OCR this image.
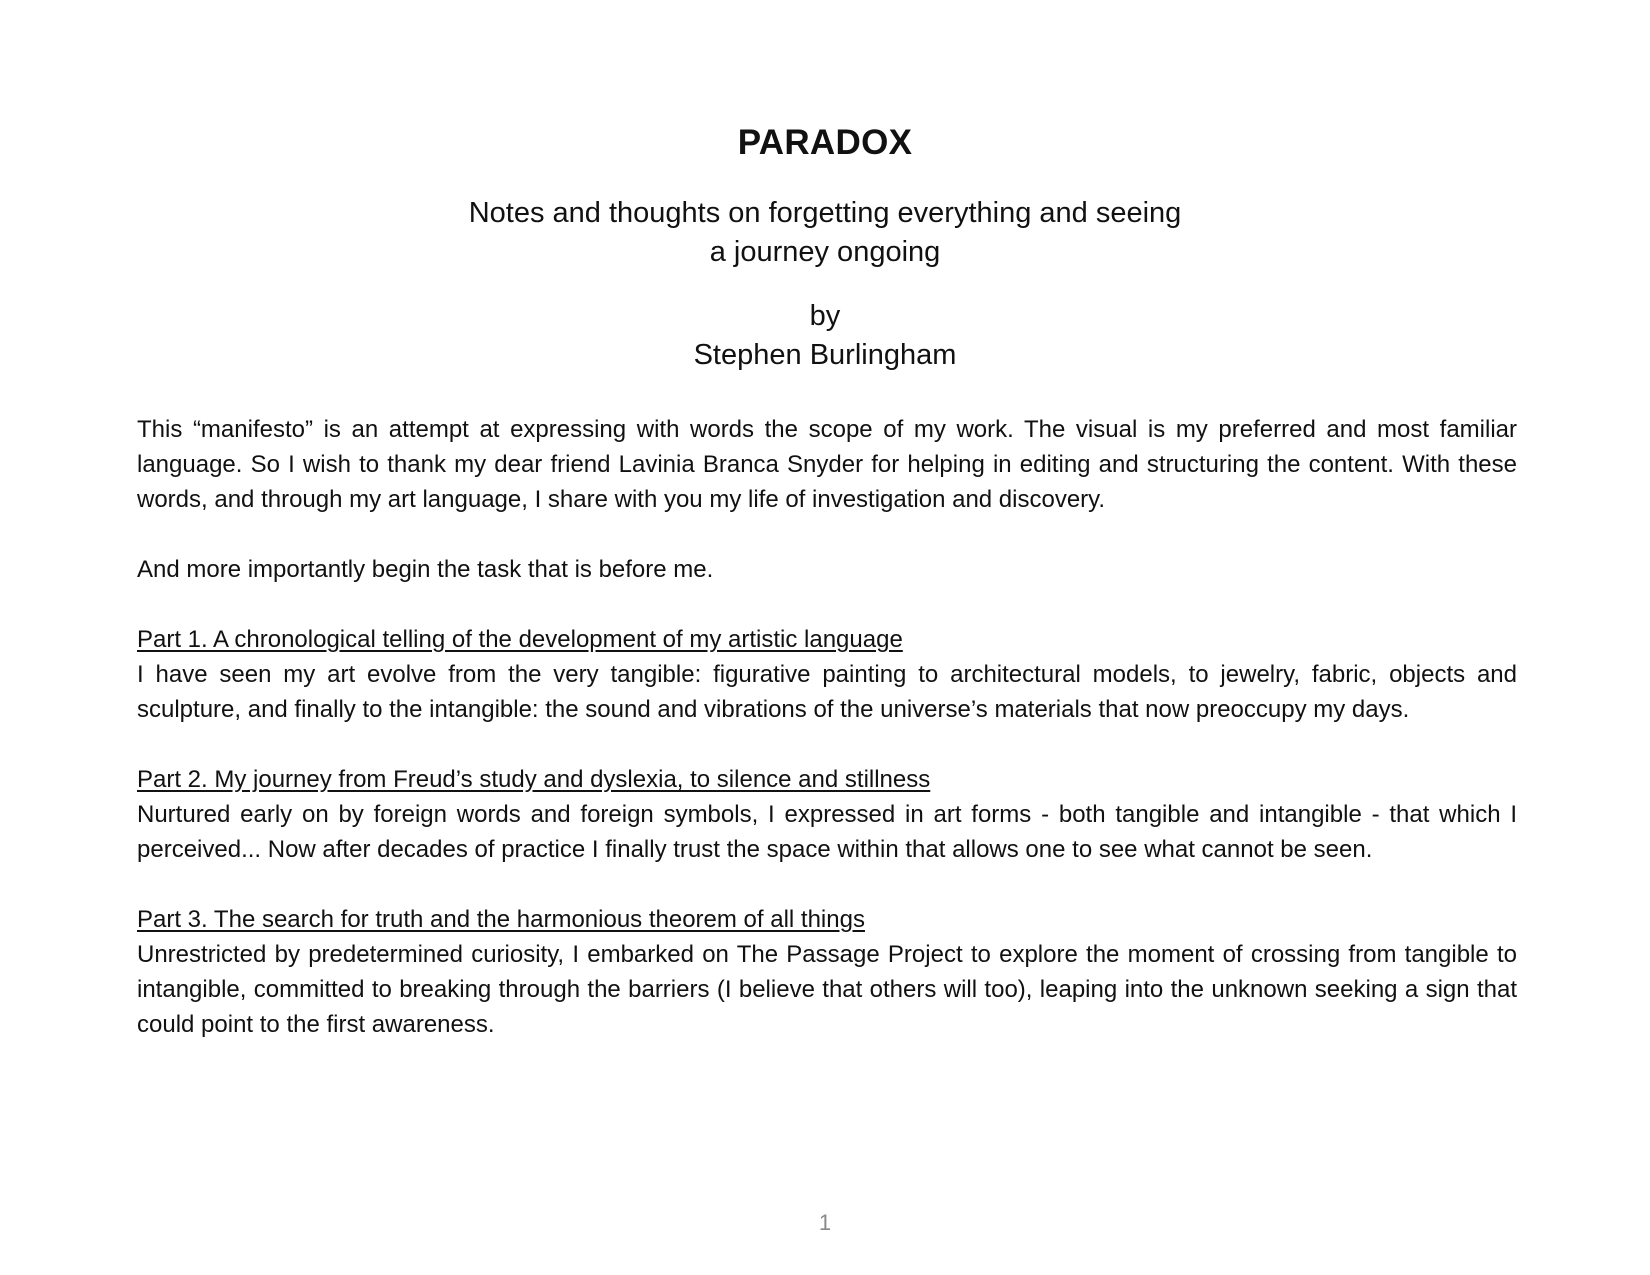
PARADOX
Notes and thoughts on forgetting everything and seeing
a journey ongoing
by
Stephen Burlingham

This “manifesto” is an attempt at expressing with words the scope of my work. The visual is my preferred and most familiar language. So I wish to thank my dear friend Lavinia Branca Snyder for helping in editing and structuring the content. With these words, and through my art language, I share with you my life of investigation and discovery.

And more importantly begin the task that is before me.

Part 1. A chronological telling of the development of my artistic language

I have seen my art evolve from the very tangible: figurative painting to architectural models, to jewelry, fabric, objects and sculpture, and finally to the intangible: the sound and vibrations of the universe’s materials that now preoccupy my days.

Part 2. My journey from Freud’s study and dyslexia, to silence and stillness

Nurtured early on by foreign words and foreign symbols, I expressed in art forms - both tangible and intangible - that which I perceived... Now after decades of practice I finally trust the space within that allows one to see what cannot be seen.

Part 3. The search for truth and the harmonious theorem of all things

Unrestricted by predetermined curiosity, I embarked on The Passage Project to explore the moment of crossing from tangible to intangible, committed to breaking through the barriers (I believe that others will too), leaping into the unknown seeking a sign that could point to the first awareness.

1
